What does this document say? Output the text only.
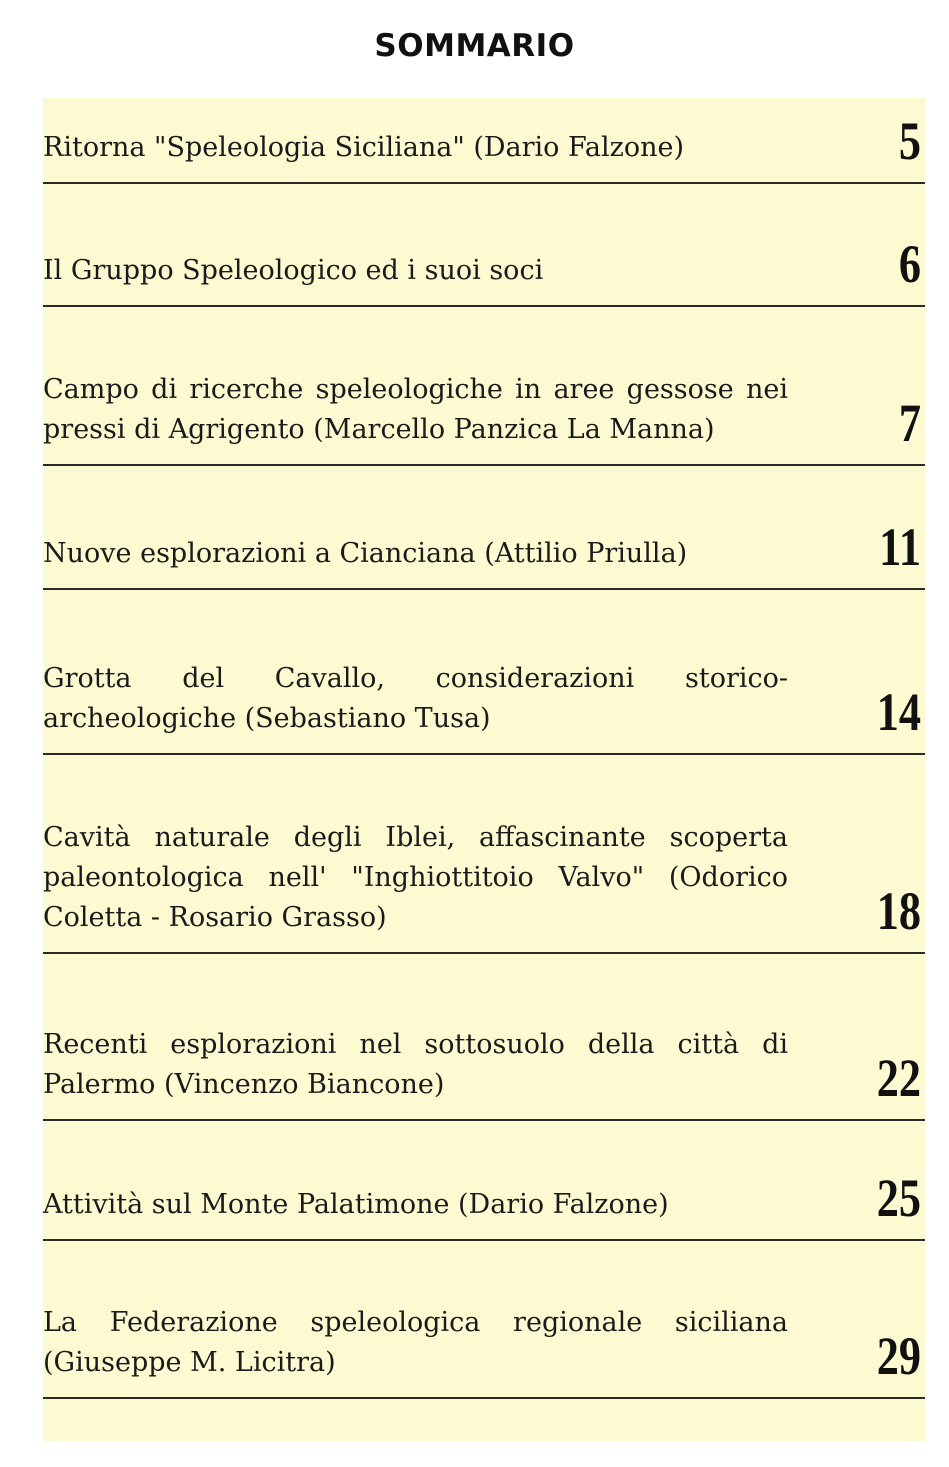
SOMMARIO
Ritorna "Speleologia Siciliana" (Dario Falzone)	5
Il Gruppo Speleologico ed i suoi soci	6
Campo di ricerche speleologiche in aree gessose nei pressi di Agrigento (Marcello Panzica La Manna)	7
Nuove esplorazioni a Cianciana (Attilio Priulla)	11
Grotta del Cavallo, considerazioni storico-archeologiche (Sebastiano Tusa)	14
Cavità naturale degli Iblei, affascinante scoperta paleontologica nell' "Inghiottitoio Valvo" (Odorico Coletta - Rosario Grasso)	18
Recenti esplorazioni nel sottosuolo della città di Palermo (Vincenzo Biancone)	22
Attività sul Monte Palatimone (Dario Falzone)	25
La Federazione speleologica regionale siciliana (Giuseppe M. Licitra)	29
